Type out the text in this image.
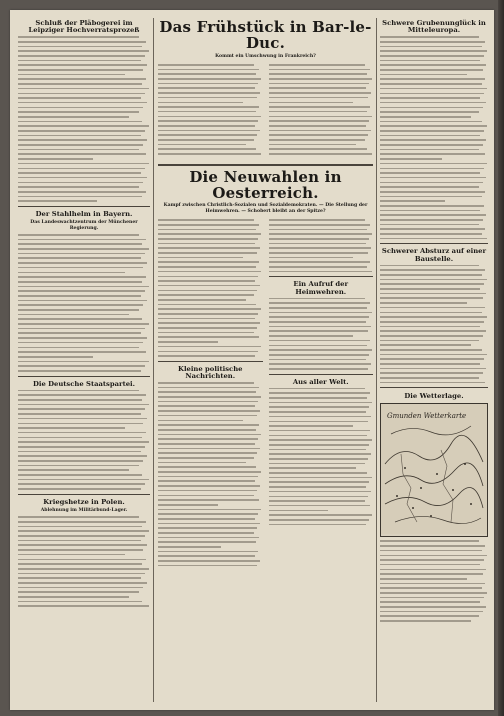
Schluß der Pläbogerei im Leipziger Hochverratsprozeß
Der Stahlhelm in Bayern.
Das Landeswachtzentrum der Münchener Regierung.
Die Deutsche Staatspartei.
Kriegshetze in Polen.
Ablehnung im Militärbund-Lager.
Das Frühstück in Bar-le-Duc.
Kommt ein Umschwung in Frankreich?
Die Neuwahlen in Oesterreich.
Kampf zwischen Christlich-Sozialen und Sozialdemokraten. — Die Stellung der Heimwehren. — Schobert bleibt an der Spitze?
Kleine politische Nachrichten.
Ein Aufruf der Heimwehren.
Aus aller Welt.
Schwere Grubenunglück in Mitteleuropa.
Schwerer Absturz auf einer Baustelle.
Die Wetterlage.
Gmunden Wetterkarte
